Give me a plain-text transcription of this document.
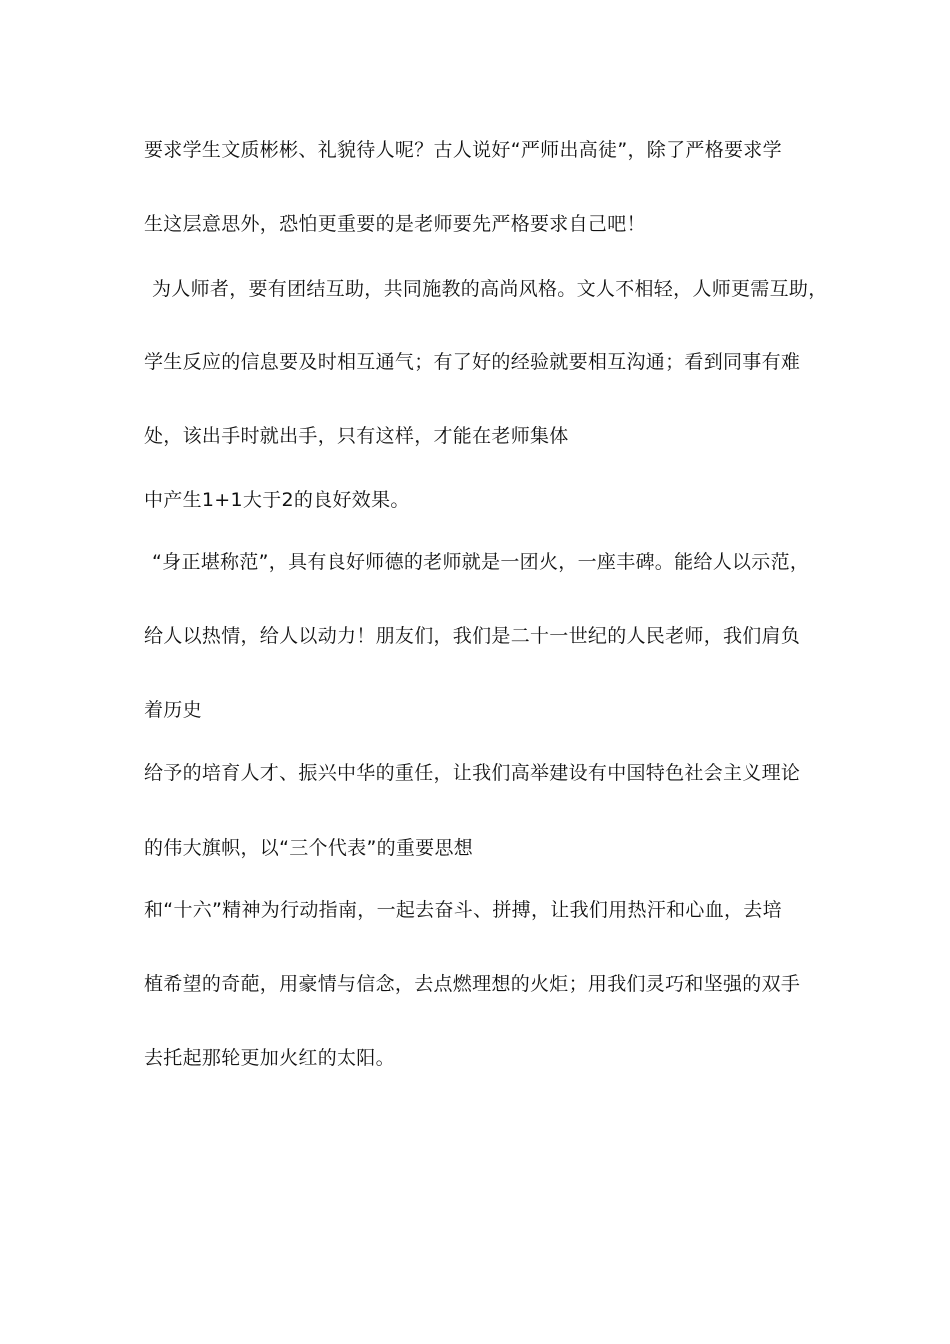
要求学生文质彬彬、礼貌待人呢？古人说好“严师出高徒”，除了严格要求学
生这层意思外，恐怕更重要的是老师要先严格要求自己吧！
为人师者，要有团结互助，共同施教的高尚风格。文人不相轻，人师更需互助，
学生反应的信息要及时相互通气；有了好的经验就要相互沟通；看到同事有难
处，该出手时就出手，只有这样，才能在老师集体
中产生1+1大于2的良好效果。
“身正堪称范”，具有良好师德的老师就是一团火，一座丰碑。能给人以示范，
给人以热情，给人以动力！朋友们，我们是二十一世纪的人民老师，我们肩负
着历史
给予的培育人才、振兴中华的重任，让我们高举建设有中国特色社会主义理论
的伟大旗帜，以“三个代表”的重要思想
和“十六”精神为行动指南，一起去奋斗、拼搏，让我们用热汗和心血，去培
植希望的奇葩，用豪情与信念，去点燃理想的火炬；用我们灵巧和坚强的双手
去托起那轮更加火红的太阳。
